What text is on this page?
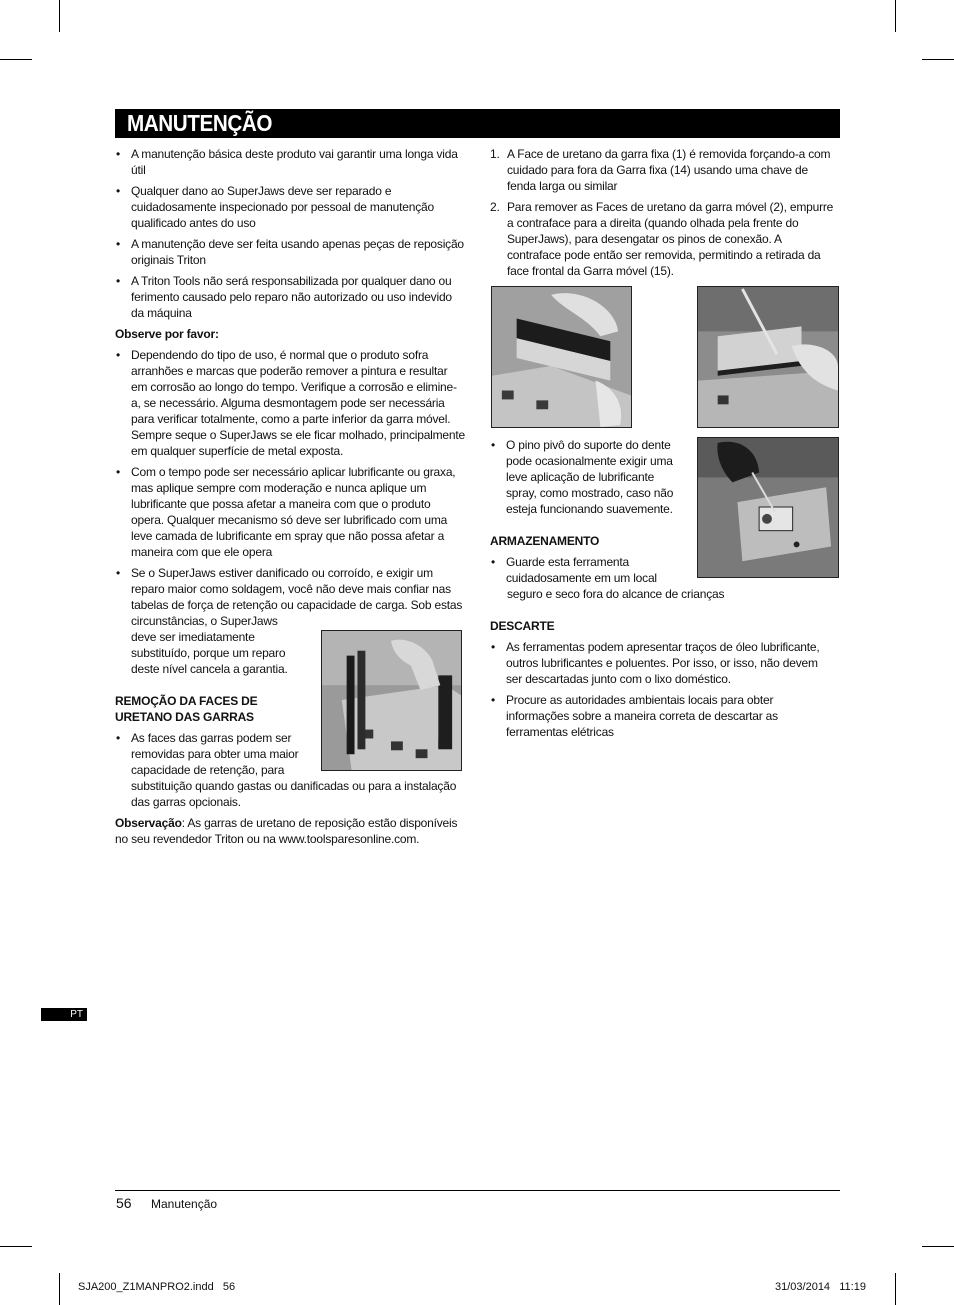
MANUTENÇÃO

• A manutenção básica deste produto vai garantir uma longa vida útil

• Qualquer dano ao SuperJaws deve ser reparado e cuidadosamente inspecionado por pessoal de manutenção qualificado antes do uso

• A manutenção deve ser feita usando apenas peças de reposição originais Triton

• A Triton Tools não será responsabilizada por qualquer dano ou ferimento causado pelo reparo não autorizado ou uso indevido da máquina

Observe por favor:

• Dependendo do tipo de uso, é normal que o produto sofra arranhões e marcas que poderão remover a pintura e resultar em corrosão ao longo do tempo. Verifique a corrosão e elimine-a, se necessário. Alguma desmontagem pode ser necessária para verificar totalmente, como a parte inferior da garra móvel. Sempre seque o SuperJaws se ele ficar molhado, principalmente em qualquer superfície de metal exposta.

• Com o tempo pode ser necessário aplicar lubrificante ou graxa, mas aplique sempre com moderação e nunca aplique um lubrificante que possa afetar a maneira com que o produto opera. Qualquer mecanismo só deve ser lubrificado com uma leve camada de lubrificante em spray que não possa afetar a maneira com que ele opera

• Se o SuperJaws estiver danificado ou corroído, e exigir um reparo maior como soldagem, você não deve mais confiar nas tabelas de força de retenção ou capacidade de carga. Sob estas

circunstâncias, o SuperJaws deve ser imediatamente substituído, porque um reparo deste nível cancela a garantia.

REMOÇÃO DA FACES DE URETANO DAS GARRAS

• As faces das garras podem ser removidas para obter uma maior capacidade de retenção, para

substituição quando gastas ou danificadas ou para a instalação das garras opcionais.

Observação: As garras de uretano de reposição estão disponíveis no seu revendedor Triton ou na www.toolsparesonline.com.

1. A Face de uretano da garra fixa (1) é removida forçando-a com cuidado para fora da Garra fixa (14) usando uma chave de fenda larga ou similar

2. Para remover as Faces de uretano da garra móvel (2), empurre a contraface para a direita (quando olhada pela frente do SuperJaws), para desengatar os pinos de conexão. A contraface pode então ser removida, permitindo a retirada da face frontal da Garra móvel (15).

• O pino pivô do suporte do dente pode ocasionalmente exigir uma leve aplicação de lubrificante spray, como mostrado, caso não esteja funcionando suavemente.

ARMAZENAMENTO

• Guarde esta ferramenta cuidadosamente em um local

seguro e seco fora do alcance de crianças

DESCARTE

• As ferramentas podem apresentar traços de óleo lubrificante, outros lubrificantes e poluentes. Por isso, or isso, não devem ser descartadas junto com o lixo doméstico.

• Procure as autoridades ambientais locais para obter informações sobre a maneira correta de descartar as ferramentas elétricas

PT
56 Manutenção
SJA200_Z1MANPRO2.indd   56	31/03/2014   11:19
